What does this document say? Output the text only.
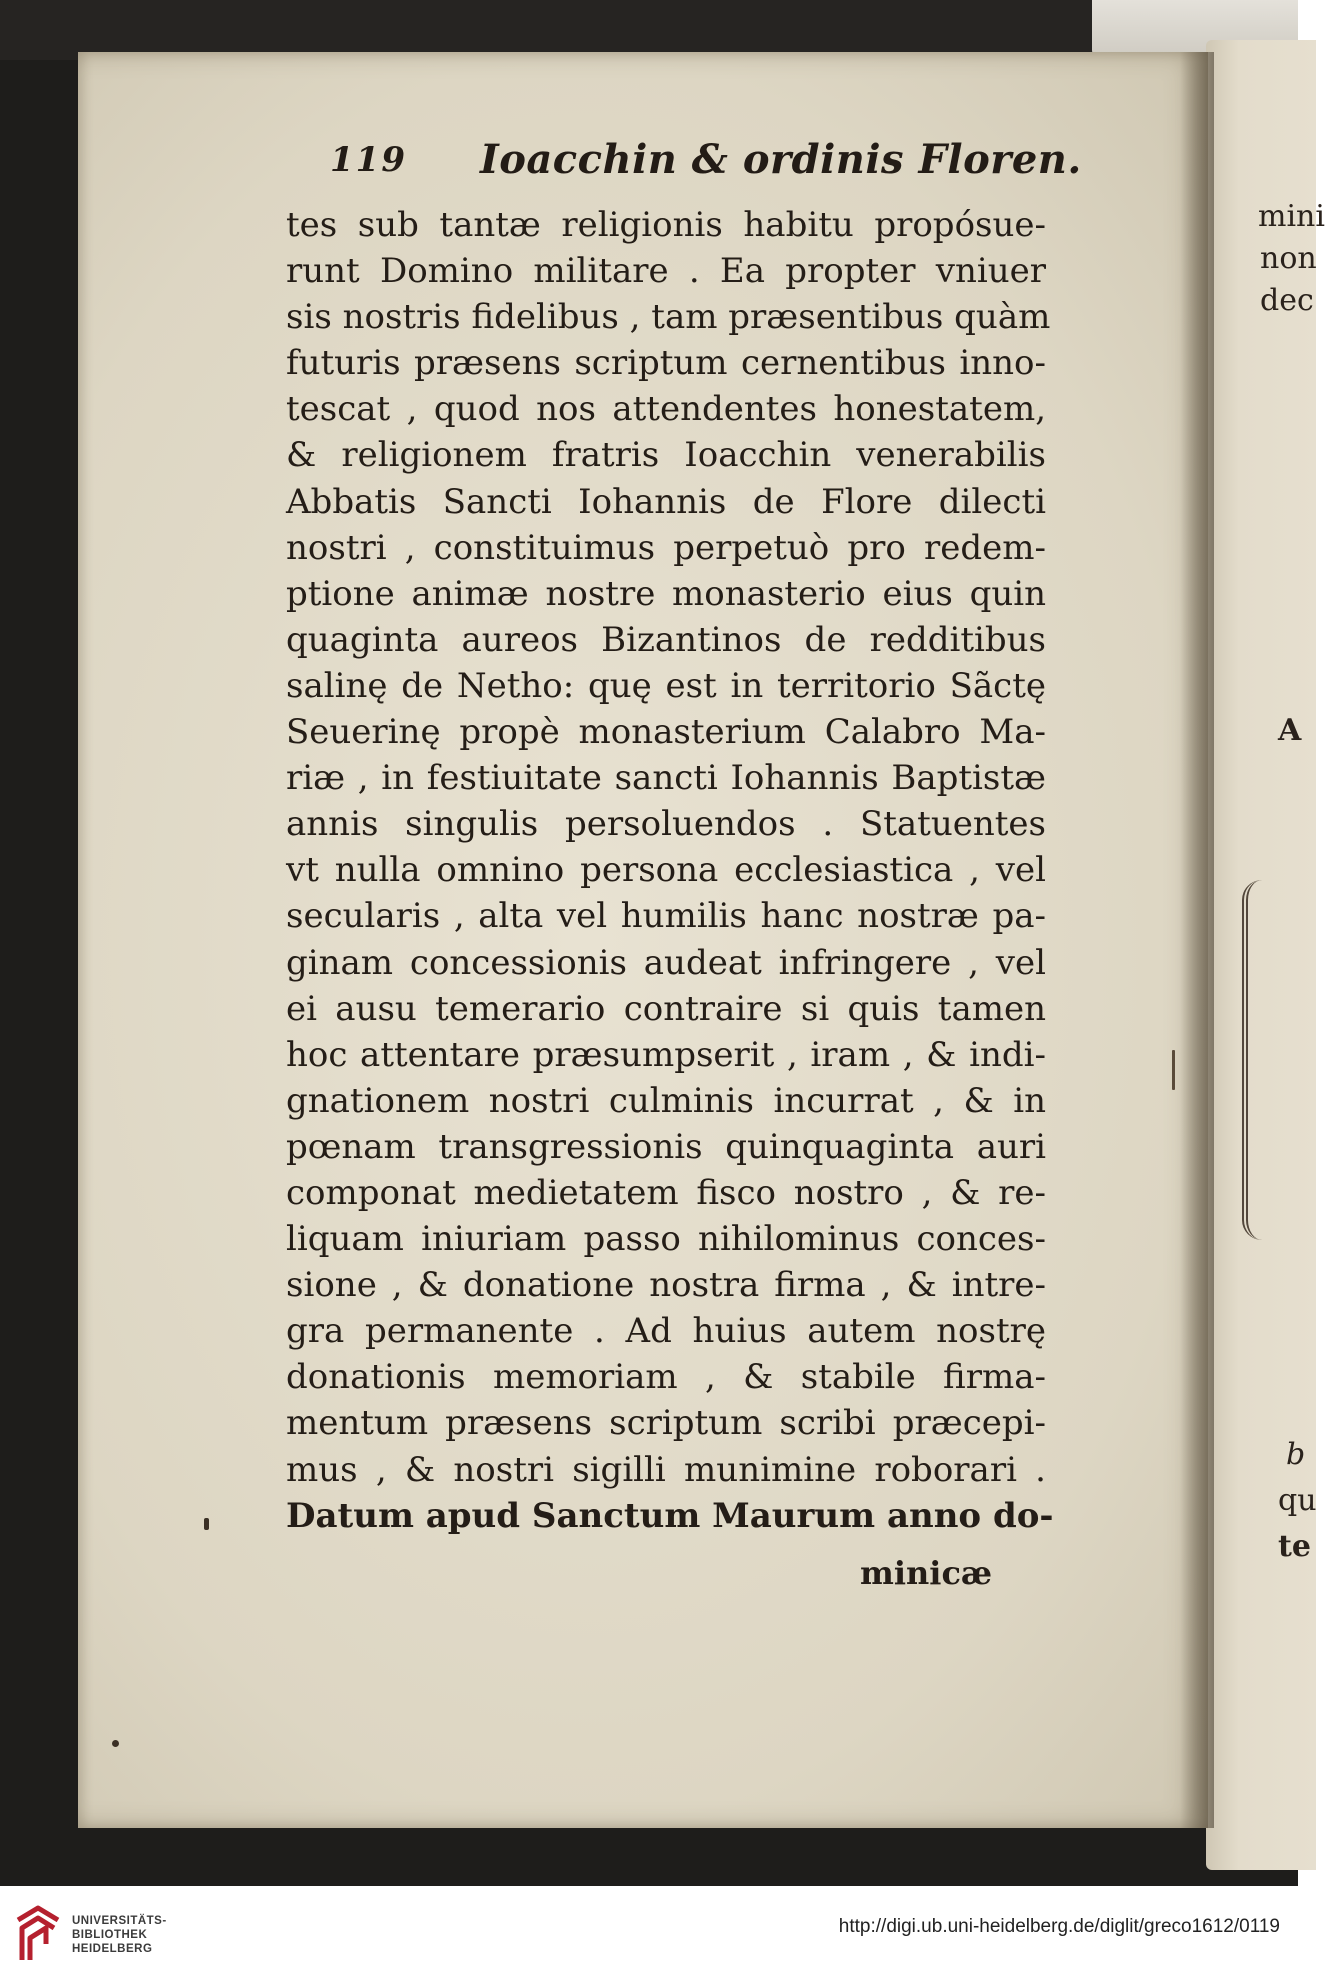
mini
non
dec
A
b
qu
te
119 Ioacchin & ordinis Floren.
tes sub tantæ religionis habitu propósue-
runt Domino militare . Ea propter vniuer
sis nostris fidelibus , tam præsentibus quàm
futuris præsens scriptum cernentibus inno-
tescat , quod nos attendentes honestatem,
& religionem fratris Ioacchin venerabilis
Abbatis Sancti Iohannis de Flore dilecti
nostri , constituimus perpetuò pro redem-
ptione animæ nostre monasterio eius quin
quaginta aureos Bizantinos de redditibus
salinę de Netho: quę est in territorio Sãctę
Seuerinę propè monasterium Calabro Ma-
riæ , in festiuitate sancti Iohannis Baptistæ
annis singulis persoluendos . Statuentes
vt nulla omnino persona ecclesiastica , vel
secularis , alta vel humilis hanc nostræ pa-
ginam concessionis audeat infringere , vel
ei ausu temerario contraire si quis tamen
hoc attentare præsumpserit , iram , & indi-
gnationem nostri culminis incurrat , & in
pœnam transgressionis quinquaginta auri
componat medietatem fisco nostro , & re-
liquam iniuriam passo nihilominus conces-
sione , & donatione nostra firma , & intre-
gra permanente . Ad huius autem nostrę
donationis memoriam , & stabile firma-
mentum præsens scriptum scribi præcepi-
mus , & nostri sigilli munimine roborari .
Datum apud Sanctum Maurum anno do-
minicæ
UNIVERSITÄTS-
BIBLIOTHEK
HEIDELBERG
http://digi.ub.uni-heidelberg.de/diglit/greco1612/0119
